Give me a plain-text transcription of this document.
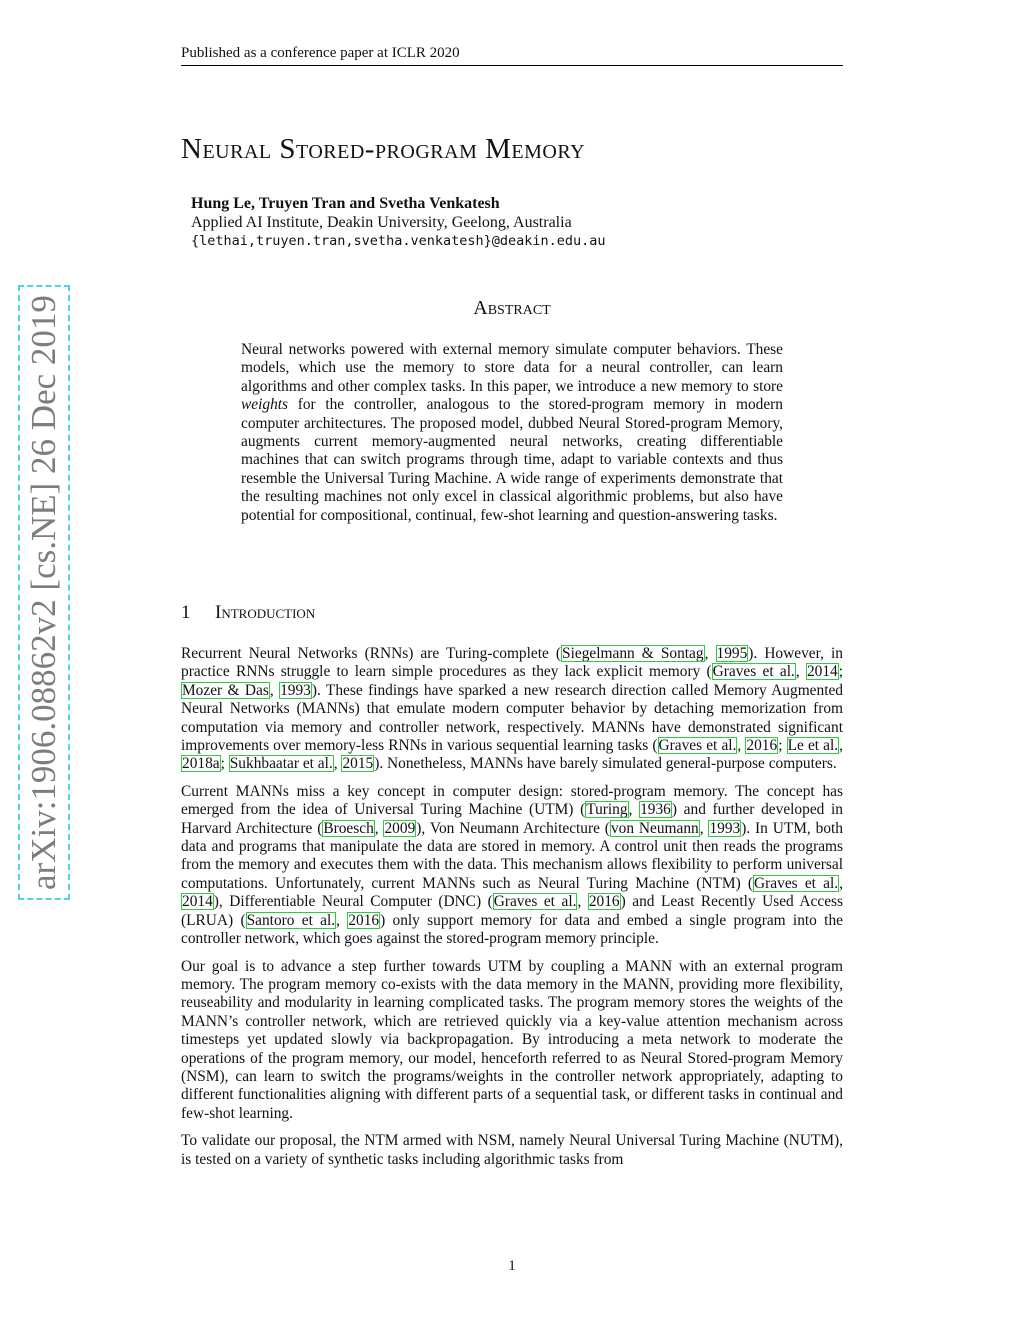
Published as a conference paper at ICLR 2020
Neural Stored-program Memory
Hung Le, Truyen Tran and Svetha Venkatesh
Applied AI Institute, Deakin University, Geelong, Australia
{lethai,truyen.tran,svetha.venkatesh}@deakin.edu.au
Abstract
Neural networks powered with external memory simulate computer behaviors. These models, which use the memory to store data for a neural controller, can learn algorithms and other complex tasks. In this paper, we introduce a new memory to store weights for the controller, analogous to the stored-program memory in modern computer architectures. The proposed model, dubbed Neural Stored-program Memory, augments current memory-augmented neural networks, creating differentiable machines that can switch programs through time, adapt to variable contexts and thus resemble the Universal Turing Machine. A wide range of experiments demonstrate that the resulting machines not only excel in classical algorithmic problems, but also have potential for compositional, continual, few-shot learning and question-answering tasks.
1 Introduction

Recurrent Neural Networks (RNNs) are Turing-complete (Siegelmann & Sontag, 1995). However, in practice RNNs struggle to learn simple procedures as they lack explicit memory (Graves et al., 2014; Mozer & Das, 1993). These findings have sparked a new research direction called Memory Augmented Neural Networks (MANNs) that emulate modern computer behavior by detaching memorization from computation via memory and controller network, respectively. MANNs have demonstrated significant improvements over memory-less RNNs in various sequential learning tasks (Graves et al., 2016; Le et al., 2018a; Sukhbaatar et al., 2015). Nonetheless, MANNs have barely simulated general-purpose computers.

Current MANNs miss a key concept in computer design: stored-program memory. The concept has emerged from the idea of Universal Turing Machine (UTM) (Turing, 1936) and further developed in Harvard Architecture (Broesch, 2009), Von Neumann Architecture (von Neumann, 1993). In UTM, both data and programs that manipulate the data are stored in memory. A control unit then reads the programs from the memory and executes them with the data. This mechanism allows flexibility to perform universal computations. Unfortunately, current MANNs such as Neural Turing Machine (NTM) (Graves et al., 2014), Differentiable Neural Computer (DNC) (Graves et al., 2016) and Least Recently Used Access (LRUA) (Santoro et al., 2016) only support memory for data and embed a single program into the controller network, which goes against the stored-program memory principle.

Our goal is to advance a step further towards UTM by coupling a MANN with an external program memory. The program memory co-exists with the data memory in the MANN, providing more flexibility, reuseability and modularity in learning complicated tasks. The program memory stores the weights of the MANN’s controller network, which are retrieved quickly via a key-value attention mechanism across timesteps yet updated slowly via backpropagation. By introducing a meta network to moderate the operations of the program memory, our model, henceforth referred to as Neural Stored-program Memory (NSM), can learn to switch the programs/weights in the controller network appropriately, adapting to different functionalities aligning with different parts of a sequential task, or different tasks in continual and few-shot learning.

To validate our proposal, the NTM armed with NSM, namely Neural Universal Turing Machine (NUTM), is tested on a variety of synthetic tasks including algorithmic tasks from

arXiv:1906.08862v2 [cs.NE] 26 Dec 2019
1
